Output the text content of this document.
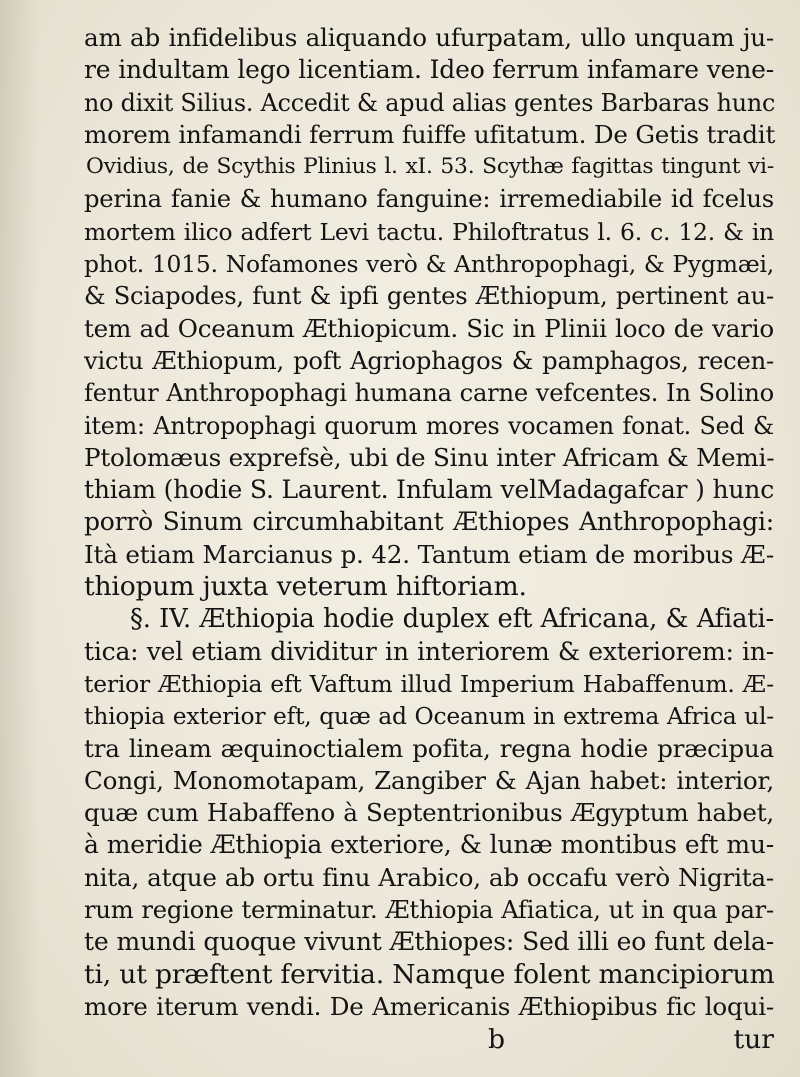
am ab infidelibus aliquando ufurpatam, ullo unquam ju-
re indultam lego licentiam. Ideo ferrum infamare vene-
no dixit Silius. Accedit & apud alias gentes Barbaras hunc
morem infamandi ferrum fuiffe ufitatum. De Getis tradit
Ovidius, de Scythis Plinius l. xI. 53. Scythæ fagittas tingunt vi-
perina fanie & humano fanguine: irremediabile id fcelus
mortem ilico adfert Levi tactu. Philoftratus l. 6. c. 12. & in
phot. 1015. Nofamones verò & Anthropophagi, & Pygmæi,
& Sciapodes, funt & ipfi gentes Æthiopum, pertinent au-
tem ad Oceanum Æthiopicum. Sic in Plinii loco de vario
victu Æthiopum, poft Agriophagos & pamphagos, recen-
fentur Anthropophagi humana carne vefcentes. In Solino
item: Antropophagi quorum mores vocamen fonat. Sed &
Ptolomæus exprefsè, ubi de Sinu inter Africam & Memi-
thiam (hodie S. Laurent. Infulam velMadagafcar ) hunc
porrò Sinum circumhabitant Æthiopes Anthropophagi:
Ità etiam Marcianus p. 42. Tantum etiam de moribus Æ-
thiopum juxta veterum hiftoriam.
§. IV. Æthiopia hodie duplex eft Africana, & Afiati-
tica: vel etiam dividitur in interiorem & exteriorem: in-
terior Æthiopia eft Vaftum illud Imperium Habaffenum. Æ-
thiopia exterior eft, quæ ad Oceanum in extrema Africa ul-
tra lineam æquinoctialem pofita, regna hodie præcipua
Congi, Monomotapam, Zangiber & Ajan habet: interior,
quæ cum Habaffeno à Septentrionibus Ægyptum habet,
à meridie Æthiopia exteriore, & lunæ montibus eft mu-
nita, atque ab ortu finu Arabico, ab occafu verò Nigrita-
rum regione terminatur. Æthiopia Afiatica, ut in qua par-
te mundi quoque vivunt Æthiopes: Sed illi eo funt dela-
ti, ut præftent fervitia. Namque folent mancipiorum
more iterum vendi. De Americanis Æthiopibus fic loqui-
b	tur
